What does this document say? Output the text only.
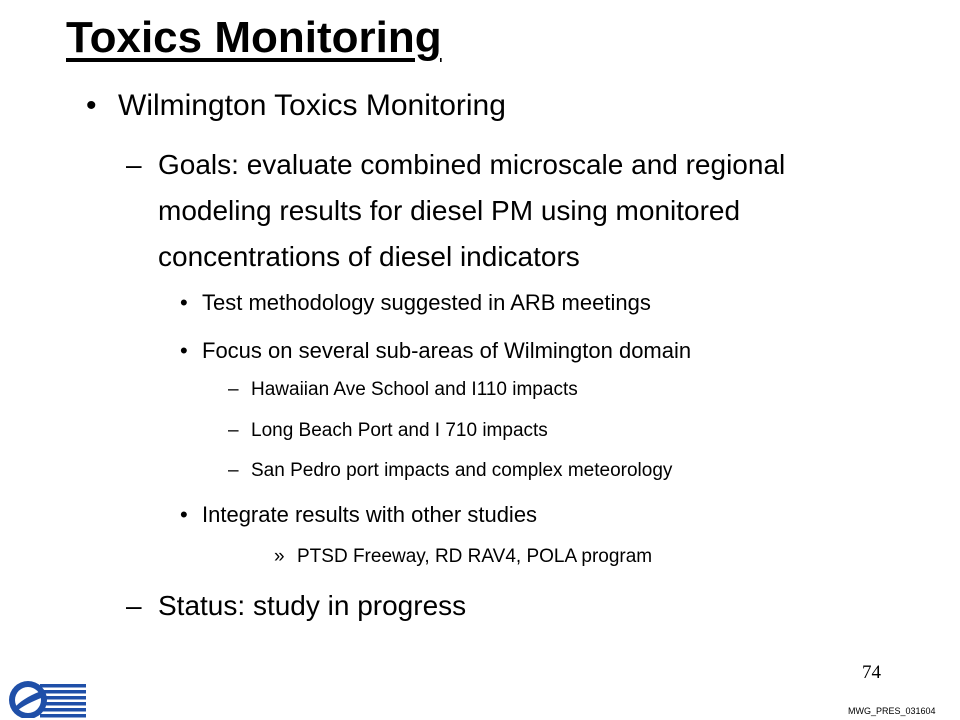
Toxics Monitoring
• Wilmington Toxics Monitoring
– Goals: evaluate combined microscale and regional
modeling results for diesel PM using monitored
concentrations of diesel indicators
• Test methodology suggested in ARB meetings
• Focus on several sub-areas of Wilmington domain
– Hawaiian Ave School and I110 impacts
– Long Beach Port and I 710 impacts
– San Pedro port impacts and complex meteorology
• Integrate results with other studies
» PTSD Freeway, RD RAV4, POLA program
– Status: study in progress
74
MWG_PRES_031604
